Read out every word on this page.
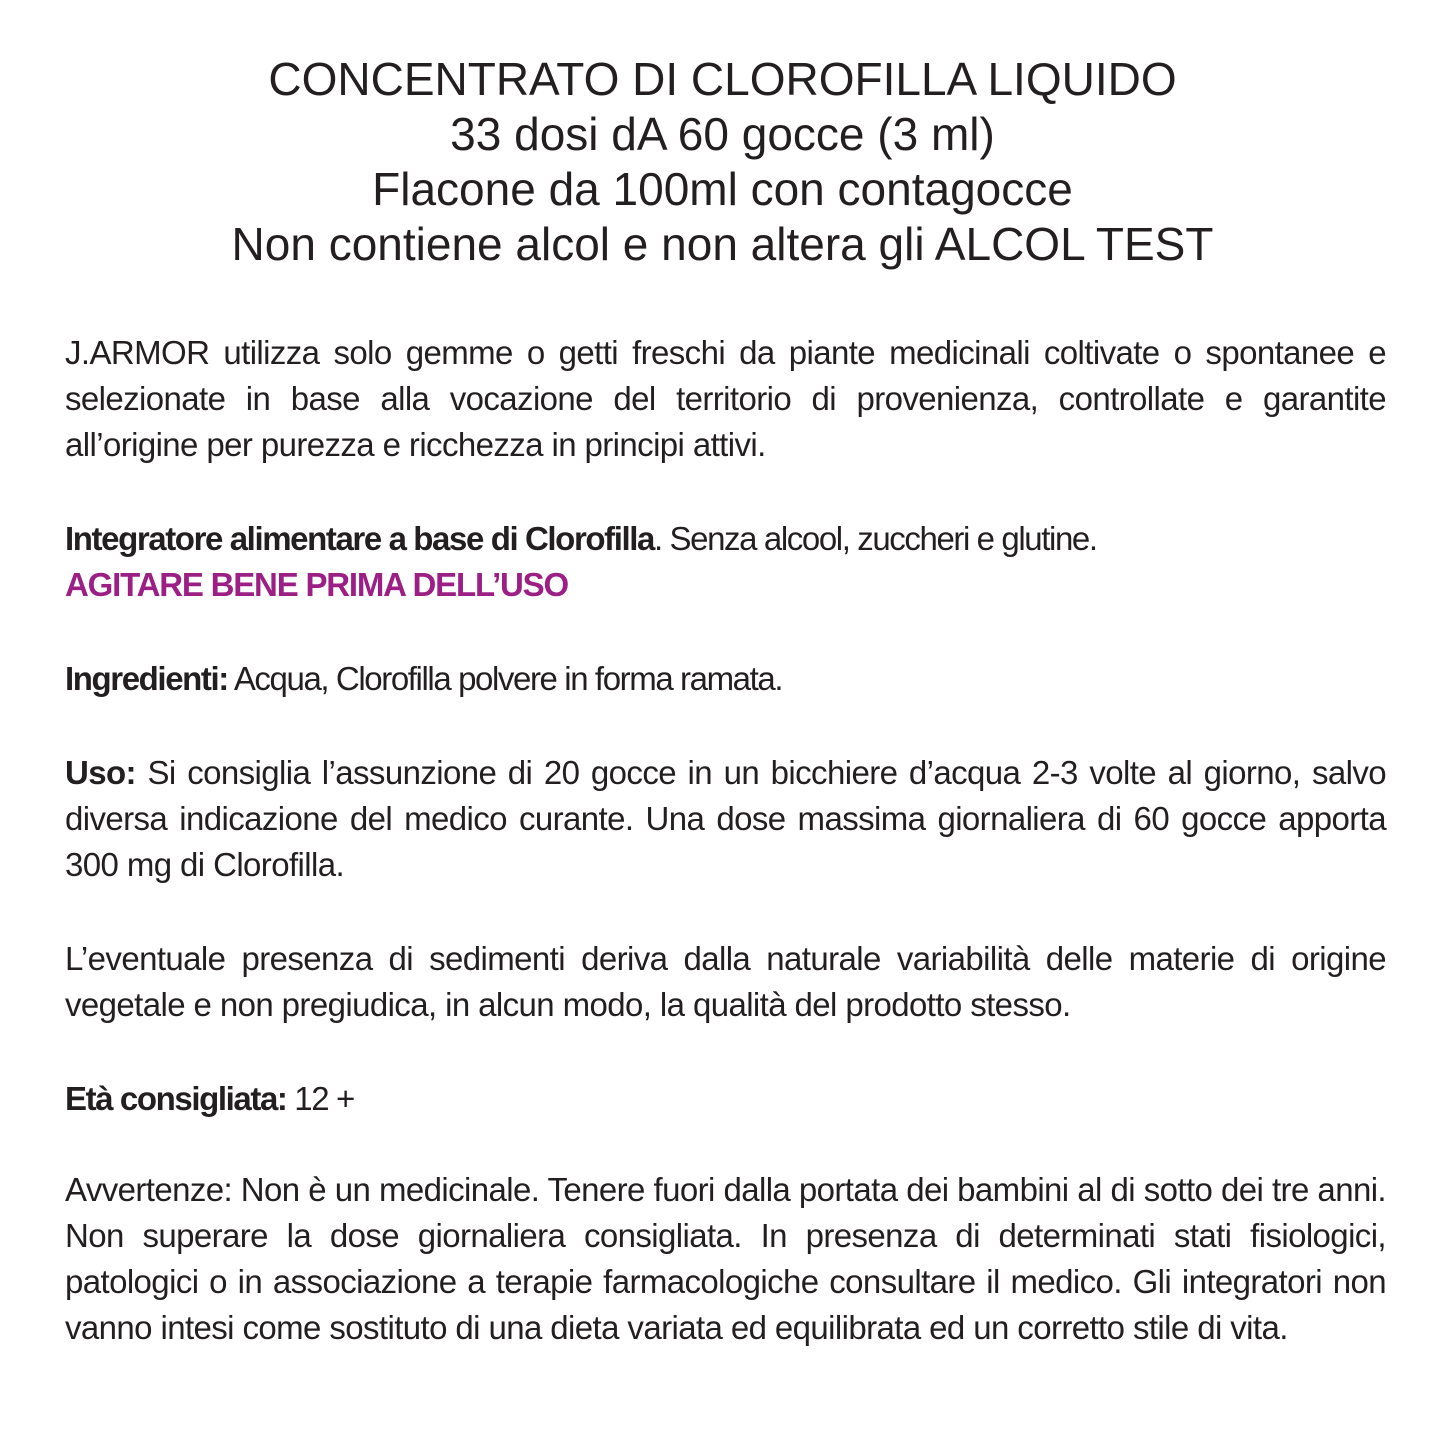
CONCENTRATO DI CLOROFILLA LIQUIDO
33 dosi dA 60 gocce (3 ml)
Flacone da 100ml con contagocce
Non contiene alcol e non altera gli ALCOL TEST
J.ARMOR utilizza solo gemme o getti freschi da piante medicinali coltivate o spontanee e selezionate in base alla vocazione del territorio di provenienza, controllate e garantite all’origine per purezza e ricchezza in principi attivi.
Integratore alimentare a base di Clorofilla. Senza alcool, zuccheri e glutine.
AGITARE BENE PRIMA DELL’USO
Ingredienti: Acqua, Clorofilla polvere in forma ramata.
Uso: Si consiglia l’assunzione di 20 gocce in un bicchiere d’acqua 2-3 volte al giorno, salvo diversa indicazione del medico curante. Una dose massima giornaliera di 60 gocce apporta 300 mg di Clorofilla.
L’eventuale presenza di sedimenti deriva dalla naturale variabilità delle materie di origine vegetale e non pregiudica, in alcun modo, la qualità del prodotto stesso.
Età consigliata: 12 +
Avvertenze: Non è un medicinale. Tenere fuori dalla portata dei bambini al di sotto dei tre anni. Non superare la dose giornaliera consigliata. In presenza di determinati stati fisiologici, patologici o in associazione a terapie farmacologiche consultare il medico. Gli integratori non vanno intesi come sostituto di una dieta variata ed equilibrata ed un corretto stile di vita.
